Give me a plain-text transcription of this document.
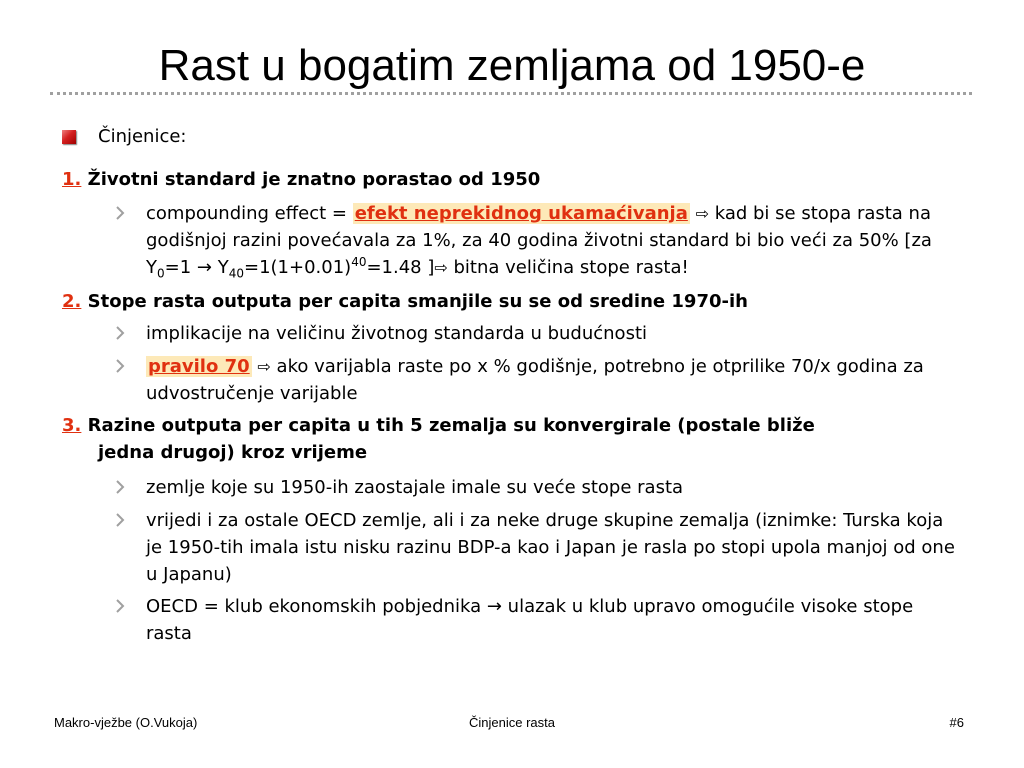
Rast u bogatim zemljama od 1950-e
Činjenice:
1. Životni standard je znatno porastao od 1950
compounding effect = efekt neprekidnog ukamaćivanja ⇨ kad bi se stopa rasta na godišnjoj razini povećavala za 1%, za 40 godina životni standard bi bio veći za 50% [za $Y_0=1 \to Y_{40}=1(1+0.01)^{40}=1.48$ ]⇨ bitna veličina stope rasta!
2. Stope rasta outputa per capita smanjile su se od sredine 1970-ih
implikacije na veličinu životnog standarda u budućnosti
pravilo 70 ⇨ ako varijabla raste po x % godišnje, potrebno je otprilike 70/x godina za udvostručenje varijable
3. Razine outputa per capita u tih 5 zemalja su konvergirale (postale bliže
jedna drugoj) kroz vrijeme
zemlje koje su 1950-ih zaostajale imale su veće stope rasta
vrijedi i za ostale OECD zemlje, ali i za neke druge skupine zemalja (iznimke: Turska koja je 1950-tih imala istu nisku razinu BDP-a kao i Japan je rasla po stopi upola manjoj od one u Japanu)
OECD = klub ekonomskih pobjednika → ulazak u klub upravo omogućile visoke stope rasta
Makro-vježbe (O.Vukoja)	Činjenice rasta	#6
